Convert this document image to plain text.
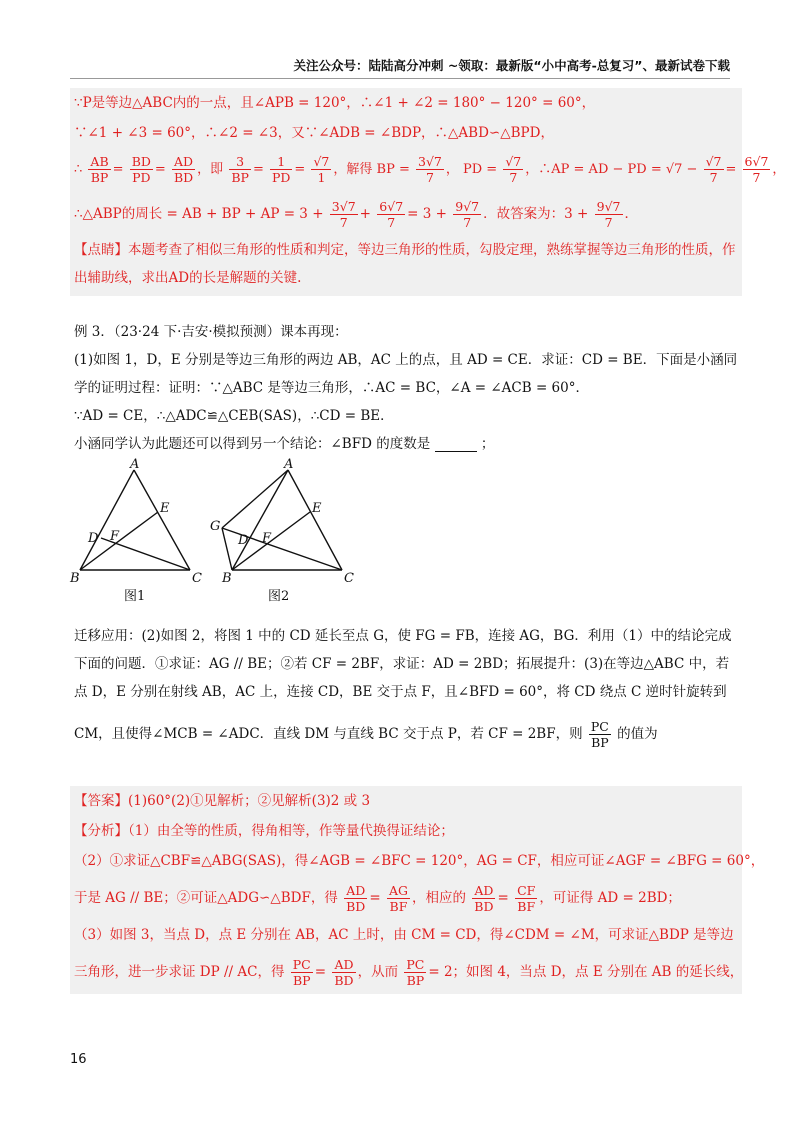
关注公众号：陆陆高分冲刺 ~领取：最新版“小中高考-总复习”、最新试卷下载
∵P是等边△ABC内的一点，且∠APB = 120°，∴∠1 + ∠2 = 180° − 120° = 60°，
∵∠1 + ∠3 = 60°，∴∠2 = ∠3，又∵∠ADB = ∠BDP，∴△ABD∽△BPD，
∴ $\frac{AB}{BP} = \frac{BD}{PD} = \frac{AD}{BD}$ ，即 $\frac{3}{BP} = \frac{1}{PD} = \frac{√7}{1}$ ，解得 BP = $\frac{3√7}{7}$ ， PD = $\frac{√7}{7}$ ，∴AP = AD − PD = $√7 - \frac{√7}{7} = \frac{6√7}{7}$ ，
∴△ABP的周长 = AB + BP + AP = $3 + \frac{3√7}{7} + \frac{6√7}{7} = 3 + \frac{9√7}{7}$ ．故答案为：$3 + \frac{9√7}{7}$ ．
【点睛】本题考查了相似三角形的性质和判定，等边三角形的性质，勾股定理，熟练掌握等边三角形的性质，作出辅助线，求出AD的长是解题的关键.
例 3．（23·24 下·吉安·模拟预测）课本再现：
(1)如图 1，D，E 分别是等边三角形的两边 AB，AC 上的点，且 AD = CE．求证：CD = BE．下面是小涵同学的证明过程：证明：∵△ABC 是等边三角形，∴AC = BC，∠A = ∠ACB = 60°．
∵AD = CE，∴△ADC≌△CEB(SAS)，∴CD = BE．
小涵同学认为此题还可以得到另一个结论：∠BFD 的度数是	；
A
B	C
D
E
F
图1
A
B	C
D
E
F
G
图2
迁移应用：(2)如图 2，将图 1 中的 CD 延长至点 G，使 FG = FB，连接 AG，BG．利用（1）中的结论完成下面的问题．①求证：AG // BE；②若 CF = 2BF，求证：AD = 2BD；拓展提升：(3)在等边△ABC 中，若点 D，E 分别在射线 AB，AC 上，连接 CD，BE 交于点 F，且∠BFD = 60°，将 CD 绕点 C 逆时针旋转到
CM，且使得∠MCB = ∠ADC．直线 DM 与直线 BC 交于点 P，若 CF = 2BF，则 $\frac{PC}{BP}$ 的值为
【答案】(1)60°(2)①见解析；②见解析(3)2 或 3
【分析】（1）由全等的性质，得角相等，作等量代换得证结论；
（2）①求证△CBF≌△ABG(SAS)，得∠AGB = ∠BFC = 120°，AG = CF，相应可证∠AGF = ∠BFG = 60°，
于是 AG // BE；②可证△ADG∽△BDF，得 $\frac{AD}{BD} = \frac{AG}{BF}$ ，相应的 $\frac{AD}{BD} = \frac{CF}{BF}$ ，可证得 AD = 2BD；
（3）如图 3，当点 D，点 E 分别在 AB，AC 上时，由 CM = CD，得∠CDM = ∠M，可求证△BDP 是等边
三角形，进一步求证 DP // AC，得 $\frac{PC}{BP} = \frac{AD}{BD}$ ，从而 $\frac{PC}{BP} = 2$；如图 4，当点 D，点 E 分别在 AB 的延长线，
16
